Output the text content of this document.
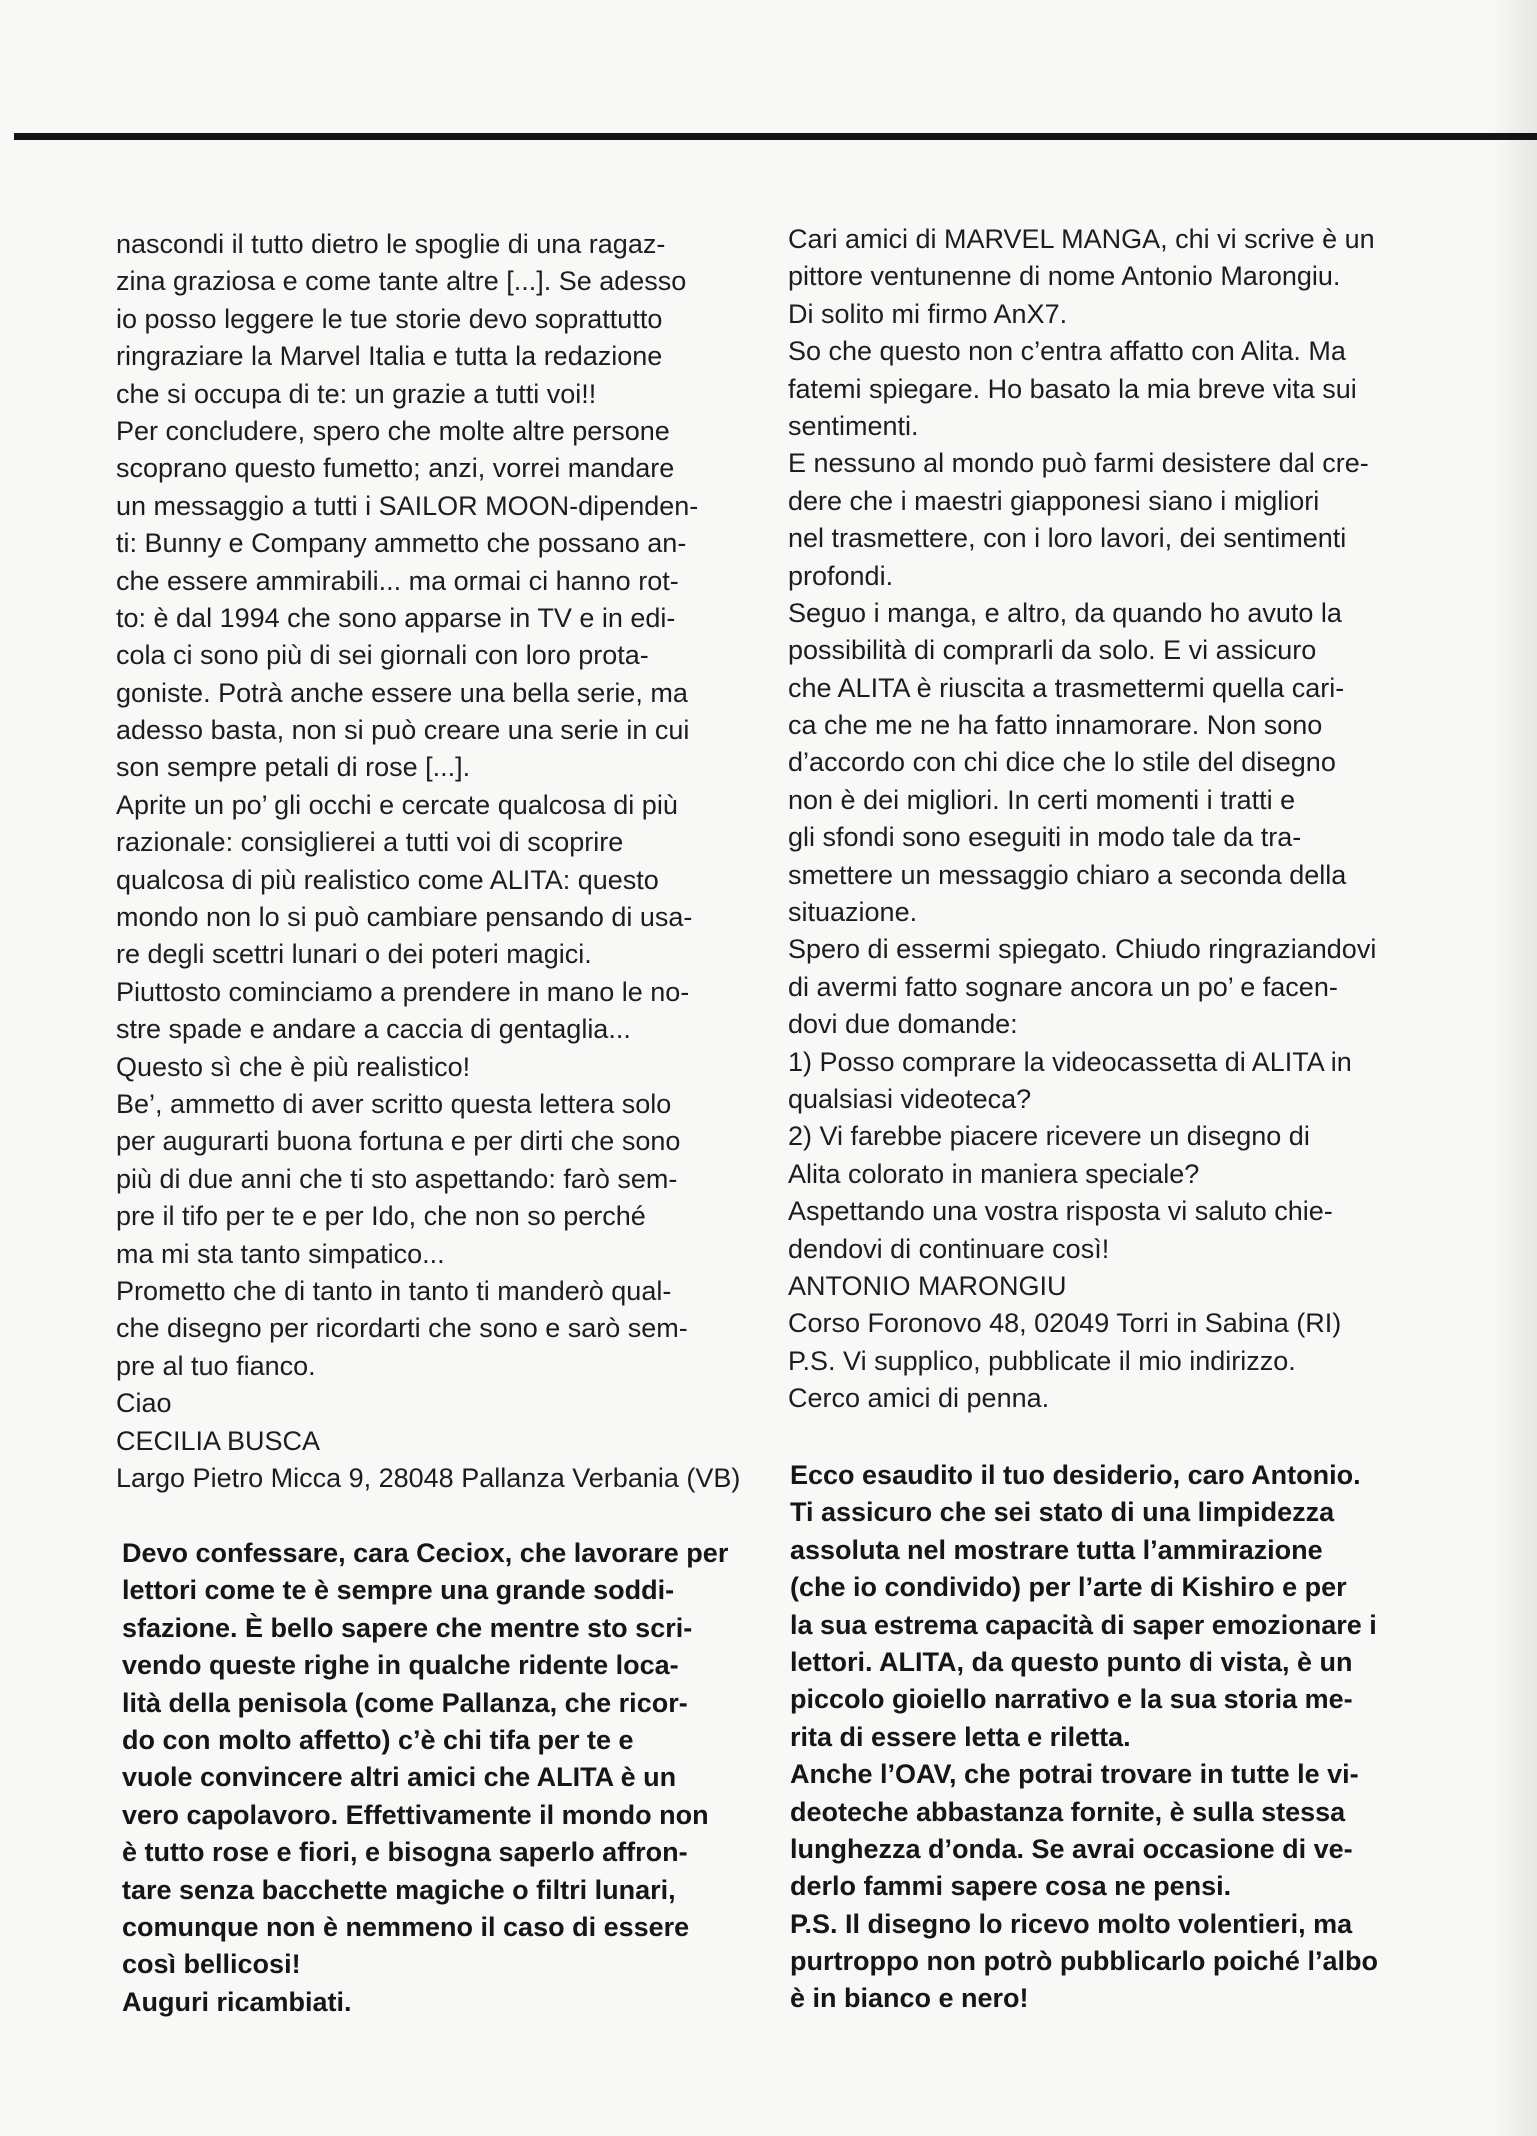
nascondi il tutto dietro le spoglie di una ragaz-
zina graziosa e come tante altre [...]. Se adesso
io posso leggere le tue storie devo soprattutto
ringraziare la Marvel Italia e tutta la redazione
che si occupa di te: un grazie a tutti voi!!
Per concludere, spero che molte altre persone
scoprano questo fumetto; anzi, vorrei mandare
un messaggio a tutti i SAILOR MOON-dipenden-
ti: Bunny e Company ammetto che possano an-
che essere ammirabili... ma ormai ci hanno rot-
to: è dal 1994 che sono apparse in TV e in edi-
cola ci sono più di sei giornali con loro prota-
goniste. Potrà anche essere una bella serie, ma
adesso basta, non si può creare una serie in cui
son sempre petali di rose [...].
Aprite un po’ gli occhi e cercate qualcosa di più
razionale: consiglierei a tutti voi di scoprire
qualcosa di più realistico come ALITA: questo
mondo non lo si può cambiare pensando di usa-
re degli scettri lunari o dei poteri magici.
Piuttosto cominciamo a prendere in mano le no-
stre spade e andare a caccia di gentaglia...
Questo sì che è più realistico!
Be’, ammetto di aver scritto questa lettera solo
per augurarti buona fortuna e per dirti che sono
più di due anni che ti sto aspettando: farò sem-
pre il tifo per te e per Ido, che non so perché
ma mi sta tanto simpatico...
Prometto che di tanto in tanto ti manderò qual-
che disegno per ricordarti che sono e sarò sem-
pre al tuo fianco.
Ciao
CECILIA BUSCA
Largo Pietro Micca 9, 28048 Pallanza Verbania (VB)
Devo confessare, cara Ceciox, che lavorare per
lettori come te è sempre una grande soddi-
sfazione. È bello sapere che mentre sto scri-
vendo queste righe in qualche ridente loca-
lità della penisola (come Pallanza, che ricor-
do con molto affetto) c’è chi tifa per te e
vuole convincere altri amici che ALITA è un
vero capolavoro. Effettivamente il mondo non
è tutto rose e fiori, e bisogna saperlo affron-
tare senza bacchette magiche o filtri lunari,
comunque non è nemmeno il caso di essere
così bellicosi!
Auguri ricambiati.
Cari amici di MARVEL MANGA, chi vi scrive è un
pittore ventunenne di nome Antonio Marongiu.
Di solito mi firmo AnX7.
So che questo non c’entra affatto con Alita. Ma
fatemi spiegare. Ho basato la mia breve vita sui
sentimenti.
E nessuno al mondo può farmi desistere dal cre-
dere che i maestri giapponesi siano i migliori
nel trasmettere, con i loro lavori, dei sentimenti
profondi.
Seguo i manga, e altro, da quando ho avuto la
possibilità di comprarli da solo. E vi assicuro
che ALITA è riuscita a trasmettermi quella cari-
ca che me ne ha fatto innamorare. Non sono
d’accordo con chi dice che lo stile del disegno
non è dei migliori. In certi momenti i tratti e
gli sfondi sono eseguiti in modo tale da tra-
smettere un messaggio chiaro a seconda della
situazione.
Spero di essermi spiegato. Chiudo ringraziandovi
di avermi fatto sognare ancora un po’ e facen-
dovi due domande:
1) Posso comprare la videocassetta di ALITA in
qualsiasi videoteca?
2) Vi farebbe piacere ricevere un disegno di
Alita colorato in maniera speciale?
Aspettando una vostra risposta vi saluto chie-
dendovi di continuare così!
ANTONIO MARONGIU
Corso Foronovo 48, 02049 Torri in Sabina (RI)
P.S. Vi supplico, pubblicate il mio indirizzo.
Cerco amici di penna.
Ecco esaudito il tuo desiderio, caro Antonio.
Ti assicuro che sei stato di una limpidezza
assoluta nel mostrare tutta l’ammirazione
(che io condivido) per l’arte di Kishiro e per
la sua estrema capacità di saper emozionare i
lettori. ALITA, da questo punto di vista, è un
piccolo gioiello narrativo e la sua storia me-
rita di essere letta e riletta.
Anche l’OAV, che potrai trovare in tutte le vi-
deoteche abbastanza fornite, è sulla stessa
lunghezza d’onda. Se avrai occasione di ve-
derlo fammi sapere cosa ne pensi.
P.S. Il disegno lo ricevo molto volentieri, ma
purtroppo non potrò pubblicarlo poiché l’albo
è in bianco e nero!
